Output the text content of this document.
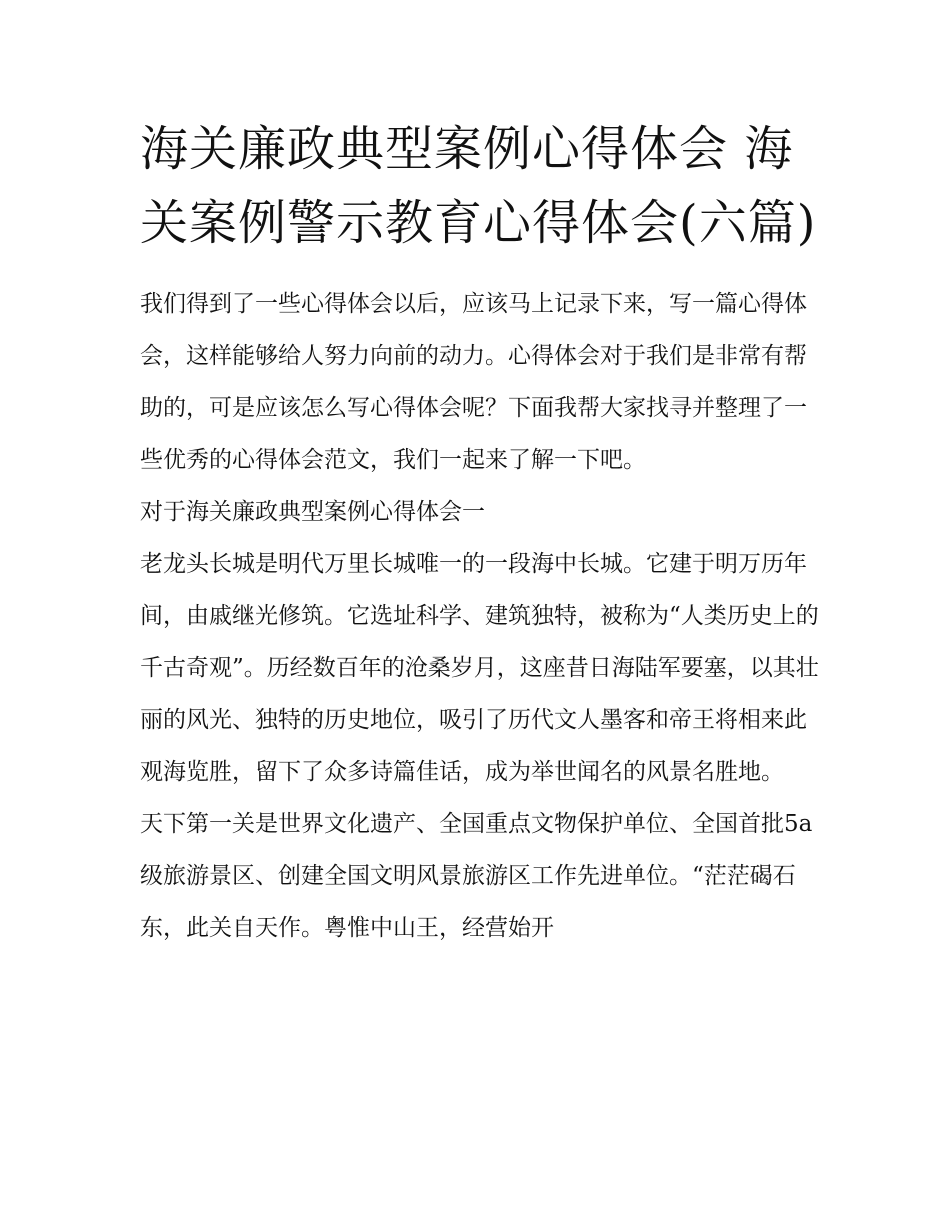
海关廉政典型案例心得体会 海关案例警示教育心得体会(六篇)

我们得到了一些心得体会以后，应该马上记录下来，写一篇心得体会，这样能够给人努力向前的动力。心得体会对于我们是非常有帮助的，可是应该怎么写心得体会呢？下面我帮大家找寻并整理了一些优秀的心得体会范文，我们一起来了解一下吧。

对于海关廉政典型案例心得体会一

老龙头长城是明代万里长城唯一的一段海中长城。它建于明万历年间，由戚继光修筑。它选址科学、建筑独特，被称为“人类历史上的千古奇观”。历经数百年的沧桑岁月，这座昔日海陆军要塞，以其壮丽的风光、独特的历史地位，吸引了历代文人墨客和帝王将相来此观海览胜，留下了众多诗篇佳话，成为举世闻名的风景名胜地。

天下第一关是世界文化遗产、全国重点文物保护单位、全国首批5a级旅游景区、创建全国文明风景旅游区工作先进单位。“茫茫碣石东，此关自天作。粤惟中山王，经营始开
